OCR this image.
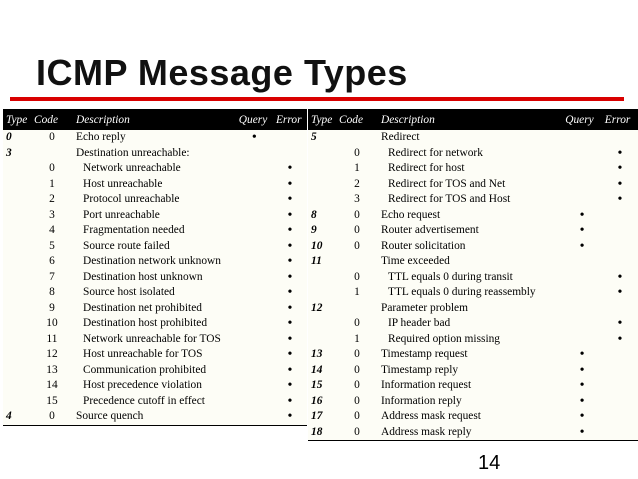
ICMP Message Types
Type	Code	Description	Query	Error
0	0	Echo reply	•	
3		Destination unreachable:		
	0	Network unreachable		•
	1	Host unreachable		•
	2	Protocol unreachable		•
	3	Port unreachable		•
	4	Fragmentation needed		•
	5	Source route failed		•
	6	Destination network unknown		•
	7	Destination host unknown		•
	8	Source host isolated		•
	9	Destination net prohibited		•
	10	Destination host prohibited		•
	11	Network unreachable for TOS		•
	12	Host unreachable for TOS		•
	13	Communication prohibited		•
	14	Host precedence violation		•
	15	Precedence cutoff in effect		•
4	0	Source quench		•
Type	Code	Description	Query	Error
5		Redirect		
	0	Redirect for network		•
	1	Redirect for host		•
	2	Redirect for TOS and Net		•
	3	Redirect for TOS and Host		•
8	0	Echo request	•	
9	0	Router advertisement	•	
10	0	Router solicitation	•	
11		Time exceeded		
	0	TTL equals 0 during transit		•
	1	TTL equals 0 during reassembly		•
12		Parameter problem		
	0	IP header bad		•
	1	Required option missing		•
13	0	Timestamp request	•	
14	0	Timestamp reply	•	
15	0	Information request	•	
16	0	Information reply	•	
17	0	Address mask request	•	
18	0	Address mask reply	•	
14
